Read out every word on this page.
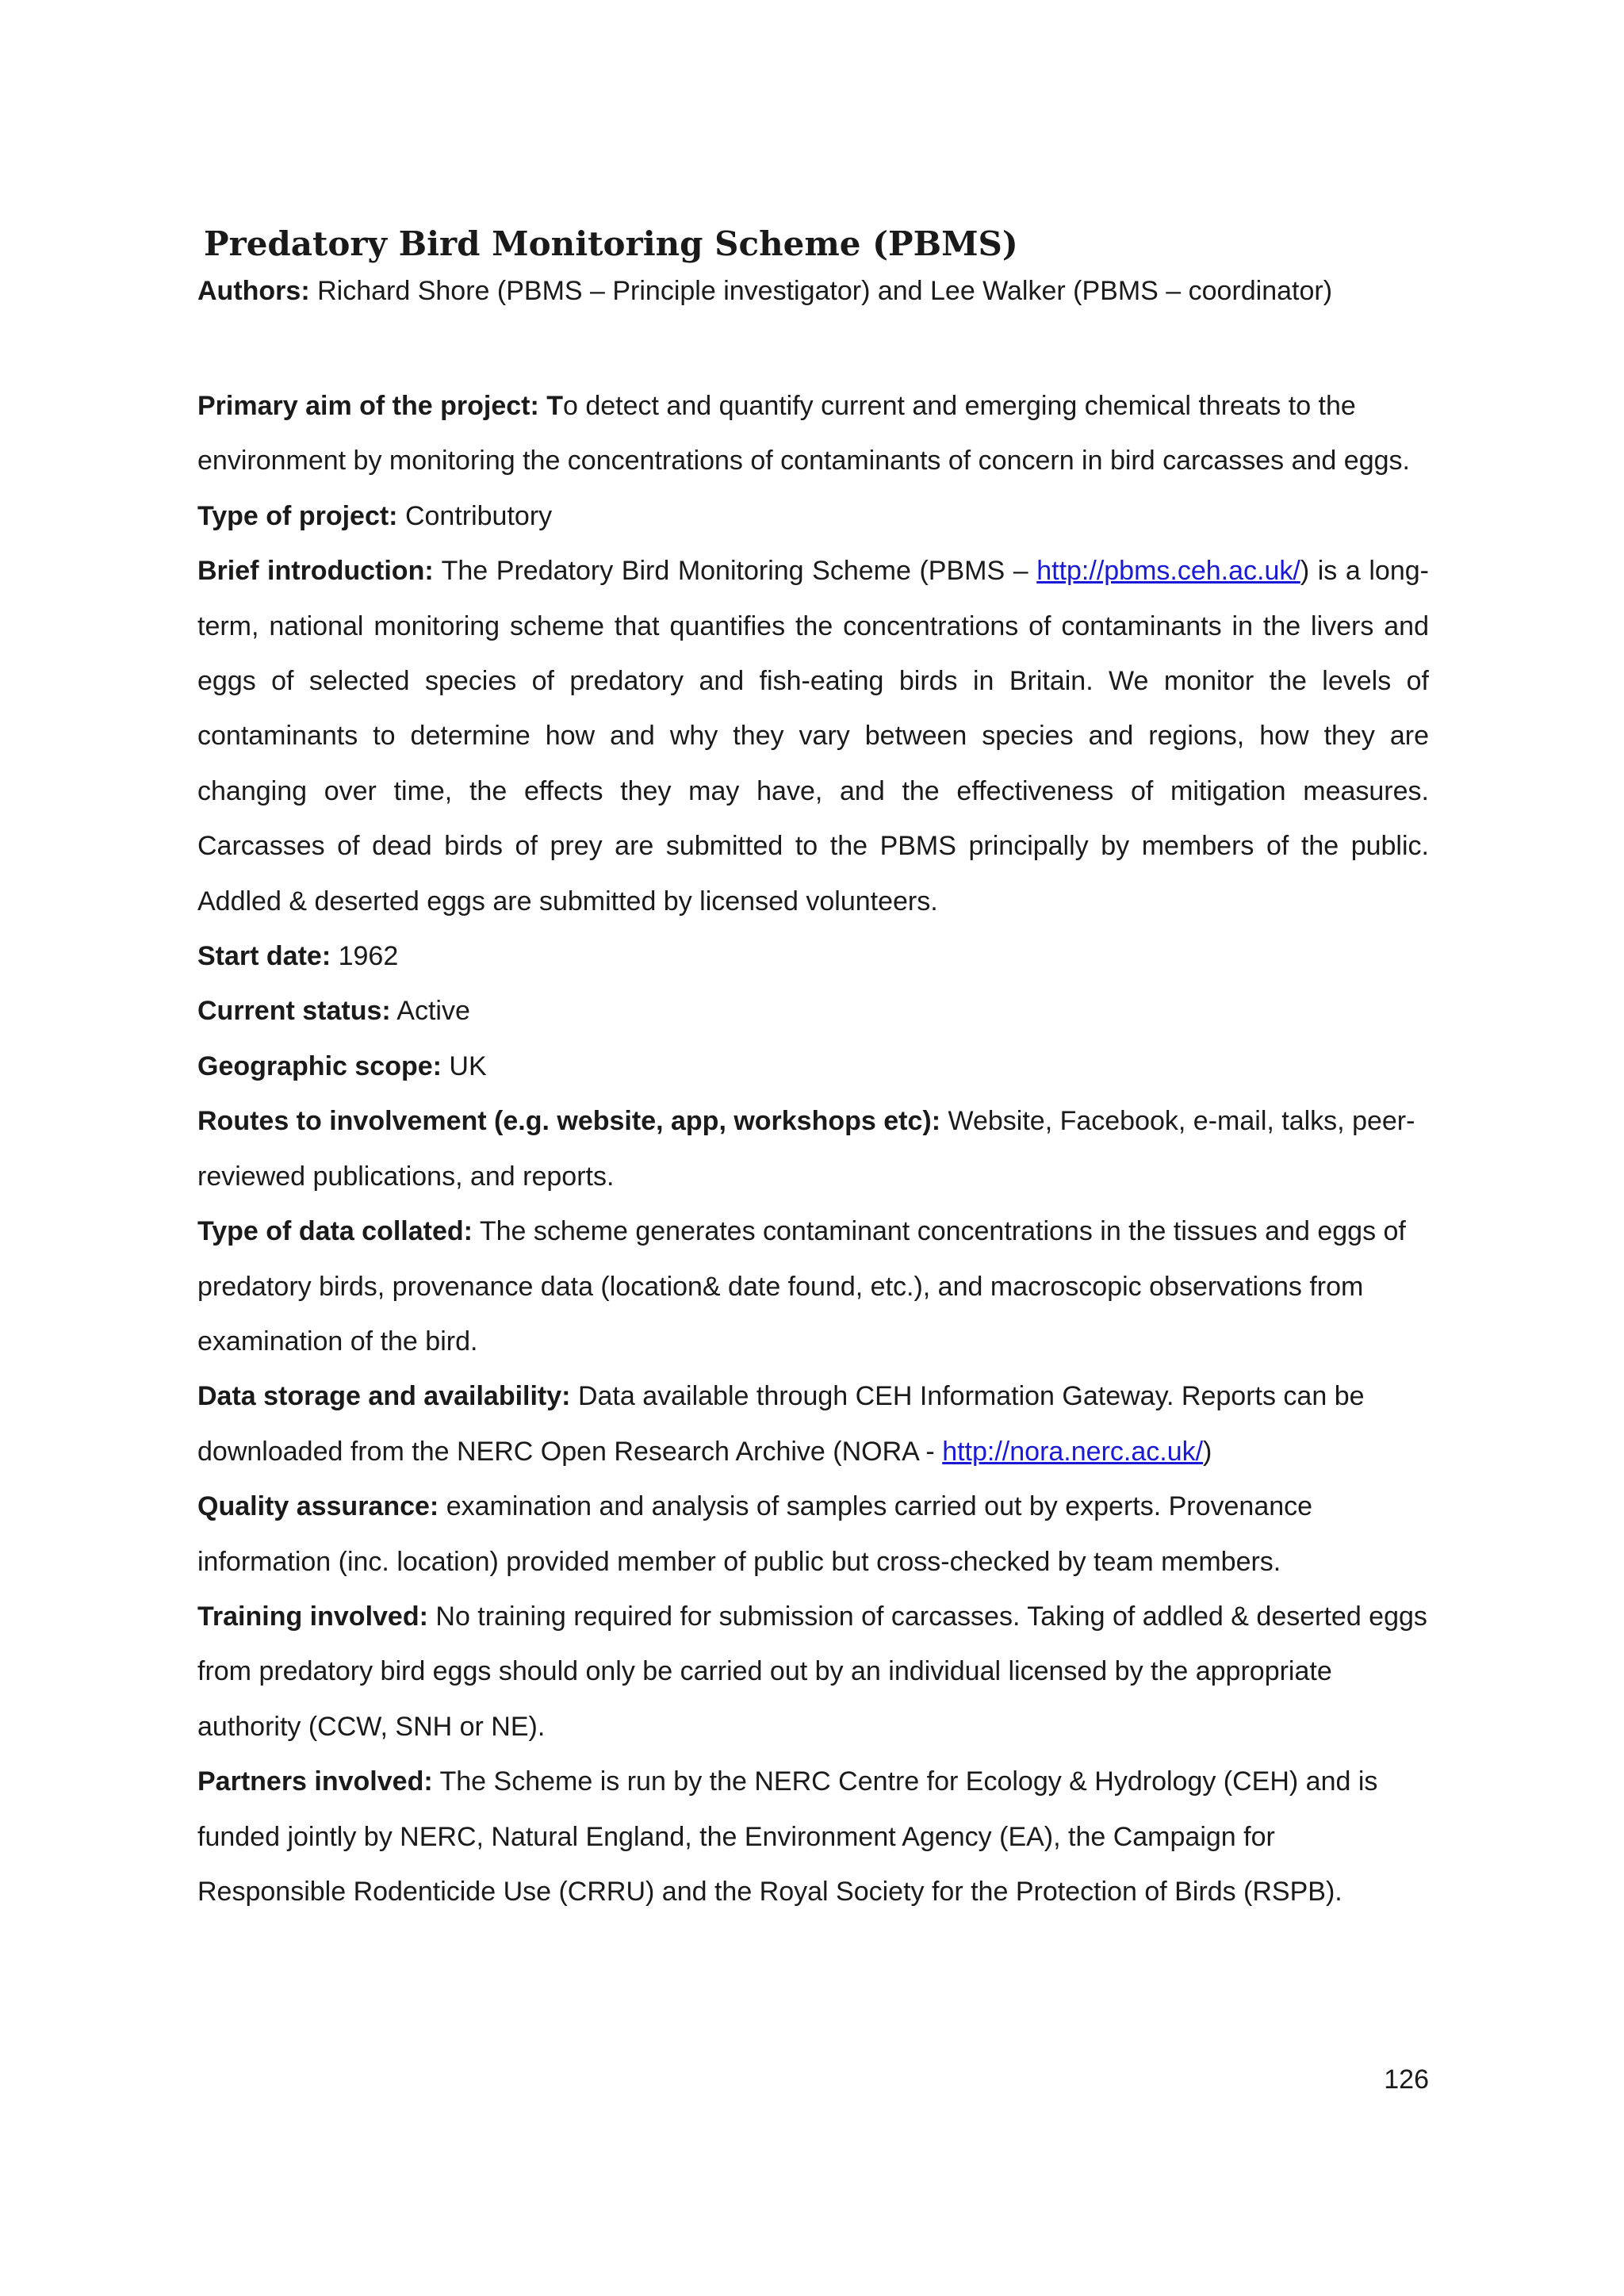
Predatory Bird Monitoring Scheme (PBMS)

Authors: Richard Shore (PBMS – Principle investigator) and Lee Walker (PBMS – coordinator)

Primary aim of the project: To detect and quantify current and emerging chemical threats to the environment by monitoring the concentrations of contaminants of concern in bird carcasses and eggs.

Type of project: Contributory

Brief introduction: The Predatory Bird Monitoring Scheme (PBMS – http://pbms.ceh.ac.uk/) is a long-term, national monitoring scheme that quantifies the concentrations of contaminants in the livers and eggs of selected species of predatory and fish-eating birds in Britain. We monitor the levels of contaminants to determine how and why they vary between species and regions, how they are changing over time, the effects they may have, and the effectiveness of mitigation measures. Carcasses of dead birds of prey are submitted to the PBMS principally by members of the public. Addled & deserted eggs are submitted by licensed volunteers.

Start date: 1962

Current status: Active

Geographic scope: UK

Routes to involvement (e.g. website, app, workshops etc): Website, Facebook, e-mail, talks, peer-reviewed publications, and reports.

Type of data collated: The scheme generates contaminant concentrations in the tissues and eggs of predatory birds, provenance data (location& date found, etc.), and macroscopic observations from examination of the bird.

Data storage and availability: Data available through CEH Information Gateway. Reports can be downloaded from the NERC Open Research Archive (NORA - http://nora.nerc.ac.uk/)

Quality assurance: examination and analysis of samples carried out by experts. Provenance information (inc. location) provided member of public but cross-checked by team members.

Training involved: No training required for submission of carcasses. Taking of addled & deserted eggs from predatory bird eggs should only be carried out by an individual licensed by the appropriate authority (CCW, SNH or NE).

Partners involved: The Scheme is run by the NERC Centre for Ecology & Hydrology (CEH) and is funded jointly by NERC, Natural England, the Environment Agency (EA), the Campaign for Responsible Rodenticide Use (CRRU) and the Royal Society for the Protection of Birds (RSPB).

126
